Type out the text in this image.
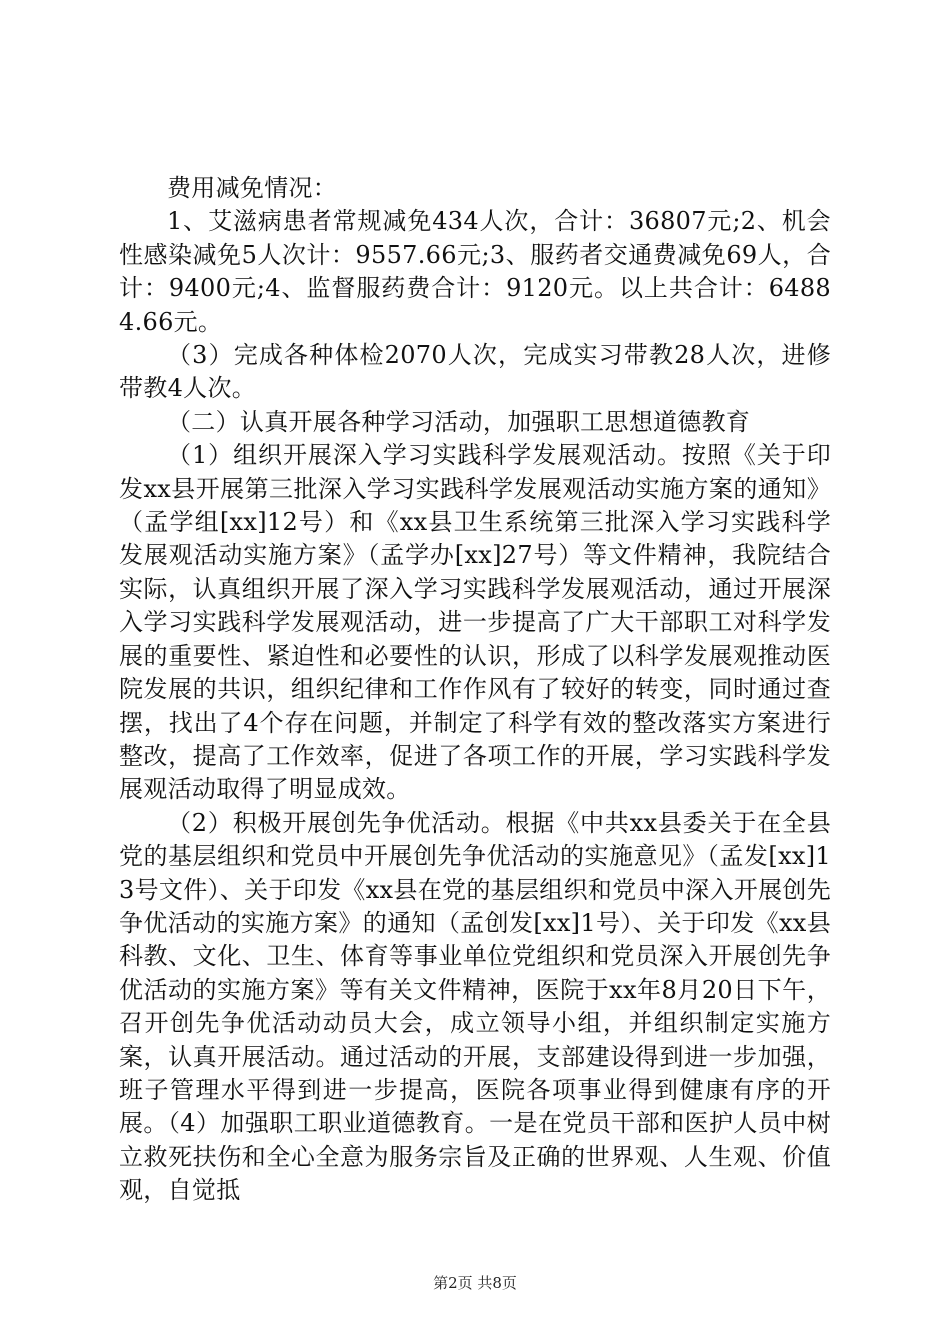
费用减免情况：

1、艾滋病患者常规减免434人次，合计：36807元;2、机会性感染减免5人次计：9557.66元;3、服药者交通费减免69人，合计：9400元;4、监督服药费合计：9120元。以上共合计：64884.66元。

（3）完成各种体检2070人次，完成实习带教28人次，进修带教4人次。

（二）认真开展各种学习活动，加强职工思想道德教育

（1）组织开展深入学习实践科学发展观活动。按照《关于印发xx县开展第三批深入学习实践科学发展观活动实施方案的通知》（孟学组[xx]12号）和《xx县卫生系统第三批深入学习实践科学发展观活动实施方案》（孟学办[xx]27号）等文件精神，我院结合实际，认真组织开展了深入学习实践科学发展观活动，通过开展深入学习实践科学发展观活动，进一步提高了广大干部职工对科学发展的重要性、紧迫性和必要性的认识，形成了以科学发展观推动医院发展的共识，组织纪律和工作作风有了较好的转变，同时通过查摆，找出了4个存在问题，并制定了科学有效的整改落实方案进行整改，提高了工作效率，促进了各项工作的开展，学习实践科学发展观活动取得了明显成效。

（2）积极开展创先争优活动。根据《中共xx县委关于在全县党的基层组织和党员中开展创先争优活动的实施意见》（孟发[xx]13号文件）、关于印发《xx县在党的基层组织和党员中深入开展创先争优活动的实施方案》的通知（孟创发[xx]1号）、关于印发《xx县科教、文化、卫生、体育等事业单位党组织和党员深入开展创先争优活动的实施方案》等有关文件精神，医院于xx年8月20日下午，召开创先争优活动动员大会，成立领导小组，并组织制定实施方案，认真开展活动。通过活动的开展，支部建设得到进一步加强，班子管理水平得到进一步提高，医院各项事业得到健康有序的开展。（4）加强职工职业道德教育。一是在党员干部和医护人员中树立救死扶伤和全心全意为服务宗旨及正确的世界观、人生观、价值观，自觉抵

第2页 共8页
